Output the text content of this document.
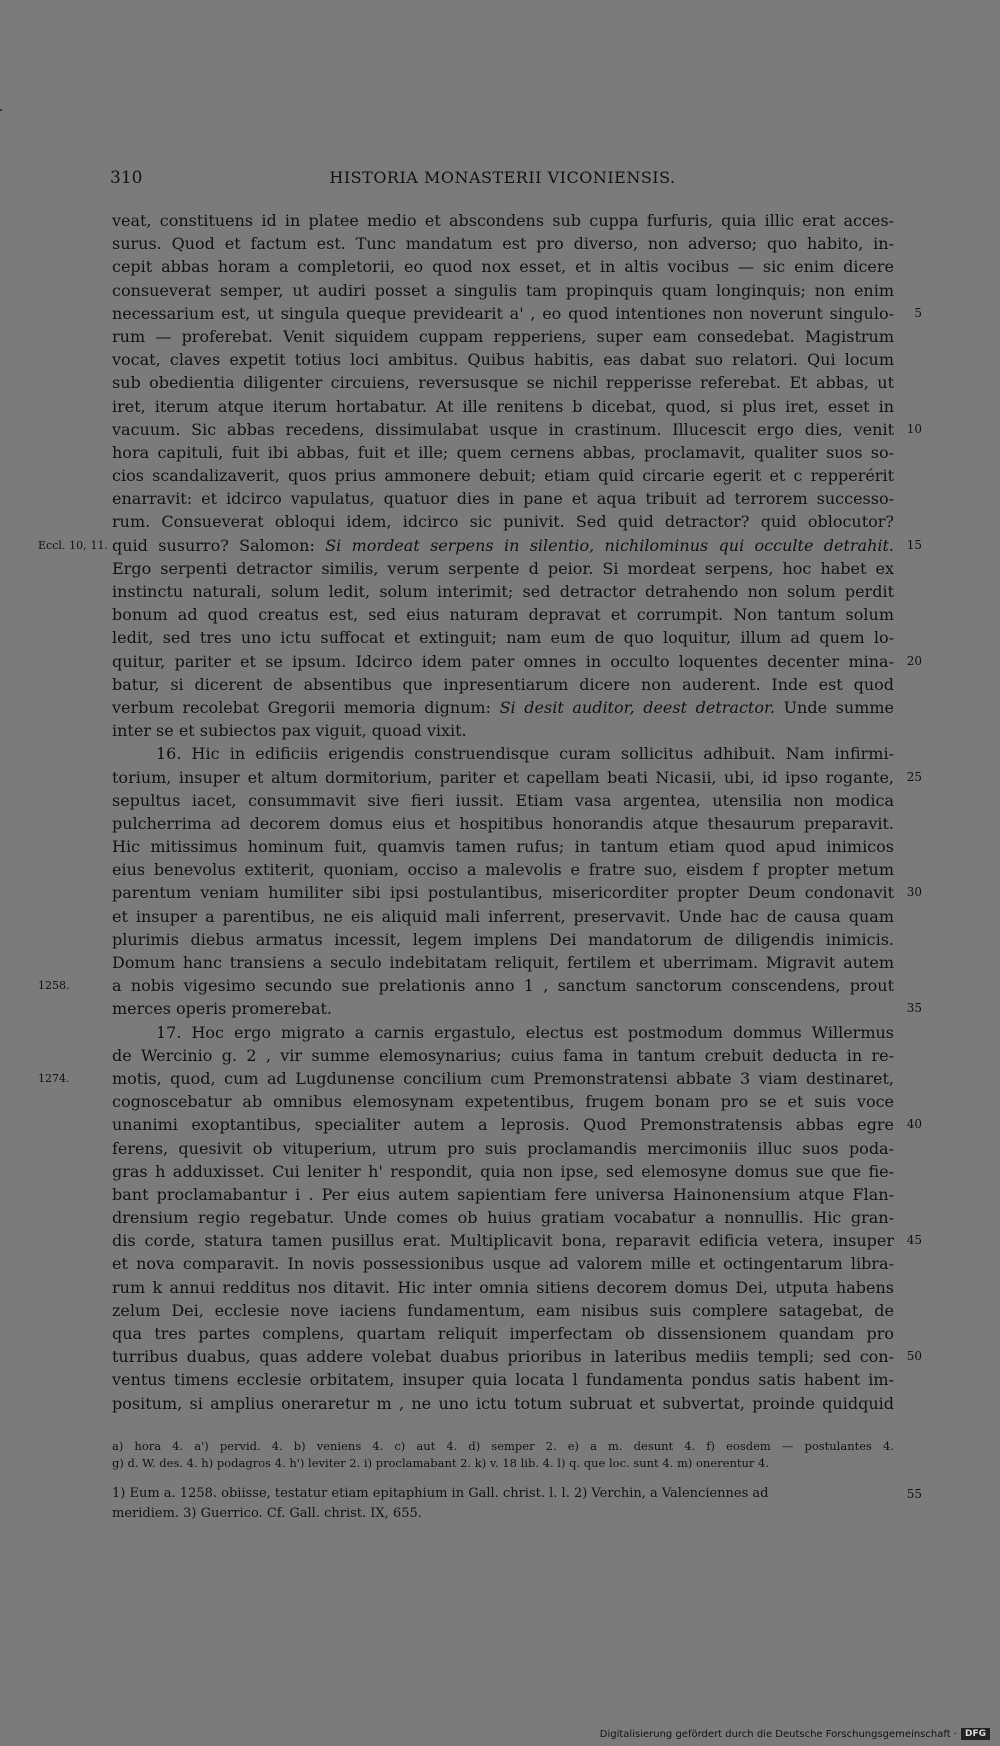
310	HISTORIA MONASTERII VICONIENSIS.
veat, constituens id in platee medio et abscondens sub cuppa furfuris, quia illic erat acces-
surus. Quod et factum est. Tunc mandatum est pro diverso, non adverso; quo habito, in-
cepit abbas horam a completorii, eo quod nox esset, et in altis vocibus — sic enim dicere
consueverat semper, ut audiri posset a singulis tam propinquis quam longinquis; non enim
necessarium est, ut singula queque previdearit a' , eo quod intentiones non noverunt singulo- 5
rum — proferebat. Venit siquidem cuppam repperiens, super eam consedebat. Magistrum
vocat, claves expetit totius loci ambitus. Quibus habitis, eas dabat suo relatori. Qui locum
sub obedientia diligenter circuiens, reversusque se nichil repperisse referebat. Et abbas, ut
iret, iterum atque iterum hortabatur. At ille renitens b dicebat, quod, si plus iret, esset in
vacuum. Sic abbas recedens, dissimulabat usque in crastinum. Illucescit ergo dies, venit 10
hora capituli, fuit ibi abbas, fuit et ille; quem cernens abbas, proclamavit, qualiter suos so-
cios scandalizaverit, quos prius ammonere debuit; etiam quid circarie egerit et c repperérit
enarravit: et idcirco vapulatus, quatuor dies in pane et aqua tribuit ad terrorem successo-
rum. Consueverat obloqui idem, idcirco sic punivit. Sed quid detractor? quid oblocutor?
quid susurro? Salomon: Si mordeat serpens in silentio, nichilominus qui occulte detrahit. 15
Eccl. 10, 11.
Ergo serpenti detractor similis, verum serpente d peior. Si mordeat serpens, hoc habet ex
instinctu naturali, solum ledit, solum interimit; sed detractor detrahendo non solum perdit
bonum ad quod creatus est, sed eius naturam depravat et corrumpit. Non tantum solum
ledit, sed tres uno ictu suffocat et extinguit; nam eum de quo loquitur, illum ad quem lo-
quitur, pariter et se ipsum. Idcirco idem pater omnes in occulto loquentes decenter mina- 20
batur, si dicerent de absentibus que inpresentiarum dicere non auderent. Inde est quod
verbum recolebat Gregorii memoria dignum: Si desit auditor, deest detractor. Unde summe
inter se et subiectos pax viguit, quoad vixit.
16. Hic in edificiis erigendis construendisque curam sollicitus adhibuit. Nam infirmi-
torium, insuper et altum dormitorium, pariter et capellam beati Nicasii, ubi, id ipso rogante, 25
sepultus iacet, consummavit sive fieri iussit. Etiam vasa argentea, utensilia non modica
pulcherrima ad decorem domus eius et hospitibus honorandis atque thesaurum preparavit.
Hic mitissimus hominum fuit, quamvis tamen rufus; in tantum etiam quod apud inimicos
eius benevolus extiterit, quoniam, occiso a malevolis e fratre suo, eisdem f propter metum
parentum veniam humiliter sibi ipsi postulantibus, misericorditer propter Deum condonavit 30
et insuper a parentibus, ne eis aliquid mali inferrent, preservavit. Unde hac de causa quam
plurimis diebus armatus incessit, legem implens Dei mandatorum de diligendis inimicis.
Domum hanc transiens a seculo indebitatam reliquit, fertilem et uberrimam. Migravit autem
a nobis vigesimo secundo sue prelationis anno 1 , sanctum sanctorum conscendens, prout
1258.
merces operis promerebat.	35
17. Hoc ergo migrato a carnis ergastulo, electus est postmodum dommus Willermus
de Wercinio g. 2 , vir summe elemosynarius; cuius fama in tantum crebuit deducta in re-
motis, quod, cum ad Lugdunense concilium cum Premonstratensi abbate 3 viam destinaret,
1274.
cognoscebatur ab omnibus elemosynam expetentibus, frugem bonam pro se et suis voce
unanimi exoptantibus, specialiter autem a leprosis. Quod Premonstratensis abbas egre 40
ferens, quesivit ob vituperium, utrum pro suis proclamandis mercimoniis illuc suos poda-
gras h adduxisset. Cui leniter h' respondit, quia non ipse, sed elemosyne domus sue que fie-
bant proclamabantur i . Per eius autem sapientiam fere universa Hainonensium atque Flan-
drensium regio regebatur. Unde comes ob huius gratiam vocabatur a nonnullis. Hic gran-
dis corde, statura tamen pusillus erat. Multiplicavit bona, reparavit edificia vetera, insuper 45
et nova comparavit. In novis possessionibus usque ad valorem mille et octingentarum libra-
rum k annui redditus nos ditavit. Hic inter omnia sitiens decorem domus Dei, utputa habens
zelum Dei, ecclesie nove iaciens fundamentum, eam nisibus suis complere satagebat, de
qua tres partes complens, quartam reliquit imperfectam ob dissensionem quandam pro
turribus duabus, quas addere volebat duabus prioribus in lateribus mediis templi; sed con- 50
ventus timens ecclesie orbitatem, insuper quia locata l fundamenta pondus satis habent im-
positum, si amplius oneraretur m , ne uno ictu totum subruat et subvertat, proinde quidquid
a) hora 4. a') pervid. 4. b) veniens 4. c) aut 4. d) semper 2. e) a m. desunt 4. f) eosdem — postulantes 4.
g) d. W. des. 4. h) podagros 4. h') leviter 2. i) proclamabant 2. k) v. 18 lib. 4. l) q. que loc. sunt 4. m) onerentur 4.
1) Eum a. 1258. obiisse, testatur etiam epitaphium in Gall. christ. l. l. 2) Verchin, a Valenciennes ad	55
meridiem. 3) Guerrico. Cf. Gall. christ. IX, 655.
Digitalisierung gefördert durch die Deutsche Forschungsgemeinschaft · DFG
